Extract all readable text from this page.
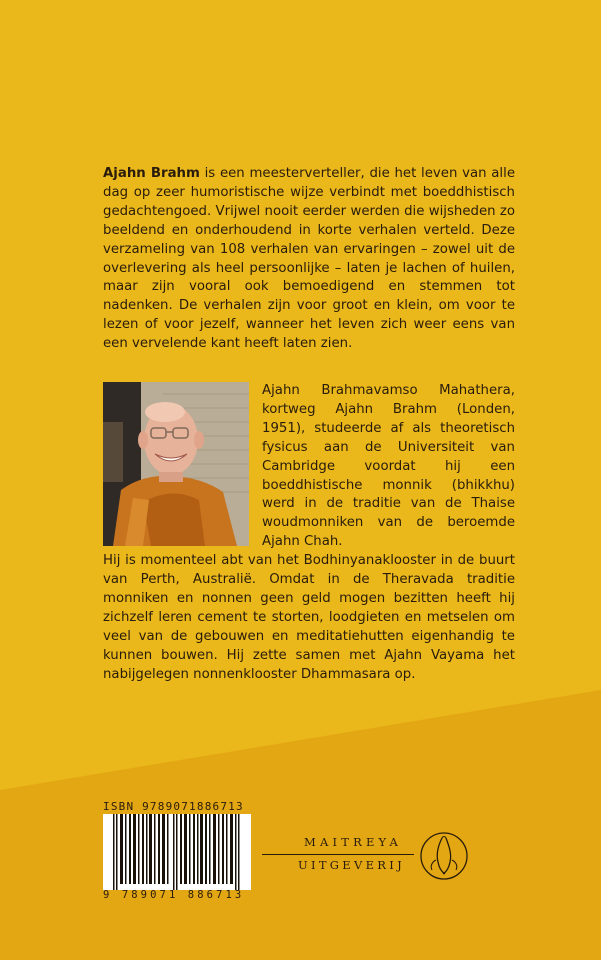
Ajahn Brahm is een meesterverteller, die het leven van alle dag op zeer humoristische wijze verbindt met boeddhistisch gedachtengoed. Vrijwel nooit eerder werden die wijsheden zo beeldend en onderhoudend in korte verhalen verteld. Deze verzameling van 108 verhalen van ervaringen – zowel uit de overlevering als heel persoonlijke – laten je lachen of huilen, maar zijn vooral ook bemoedigend en stemmen tot nadenken. De verhalen zijn voor groot en klein, om voor te lezen of voor jezelf, wanneer het leven zich weer eens van een vervelende kant heeft laten zien.

Ajahn Brahmavamso Mahathera, kortweg Ajahn Brahm (Londen, 1951), studeerde af als theoretisch fysicus aan de Universiteit van Cambridge voordat hij een boeddhistische monnik (bhikkhu) werd in de traditie van de Thaise woudmonniken van de beroemde Ajahn Chah.

Hij is momenteel abt van het Bodhinyanaklooster in de buurt van Perth, Australië. Omdat in de Theravada traditie monniken en nonnen geen geld mogen bezitten heeft hij zichzelf leren cement te storten, loodgieten en metselen om veel van de gebouwen en meditatiehutten eigenhandig te kunnen bouwen. Hij zette samen met Ajahn Vayama het nabijgelegen nonnenklooster Dhammasara op.

ISBN 9789071886713
9 789071 886713
MAITREYA
UITGEVERIJ
